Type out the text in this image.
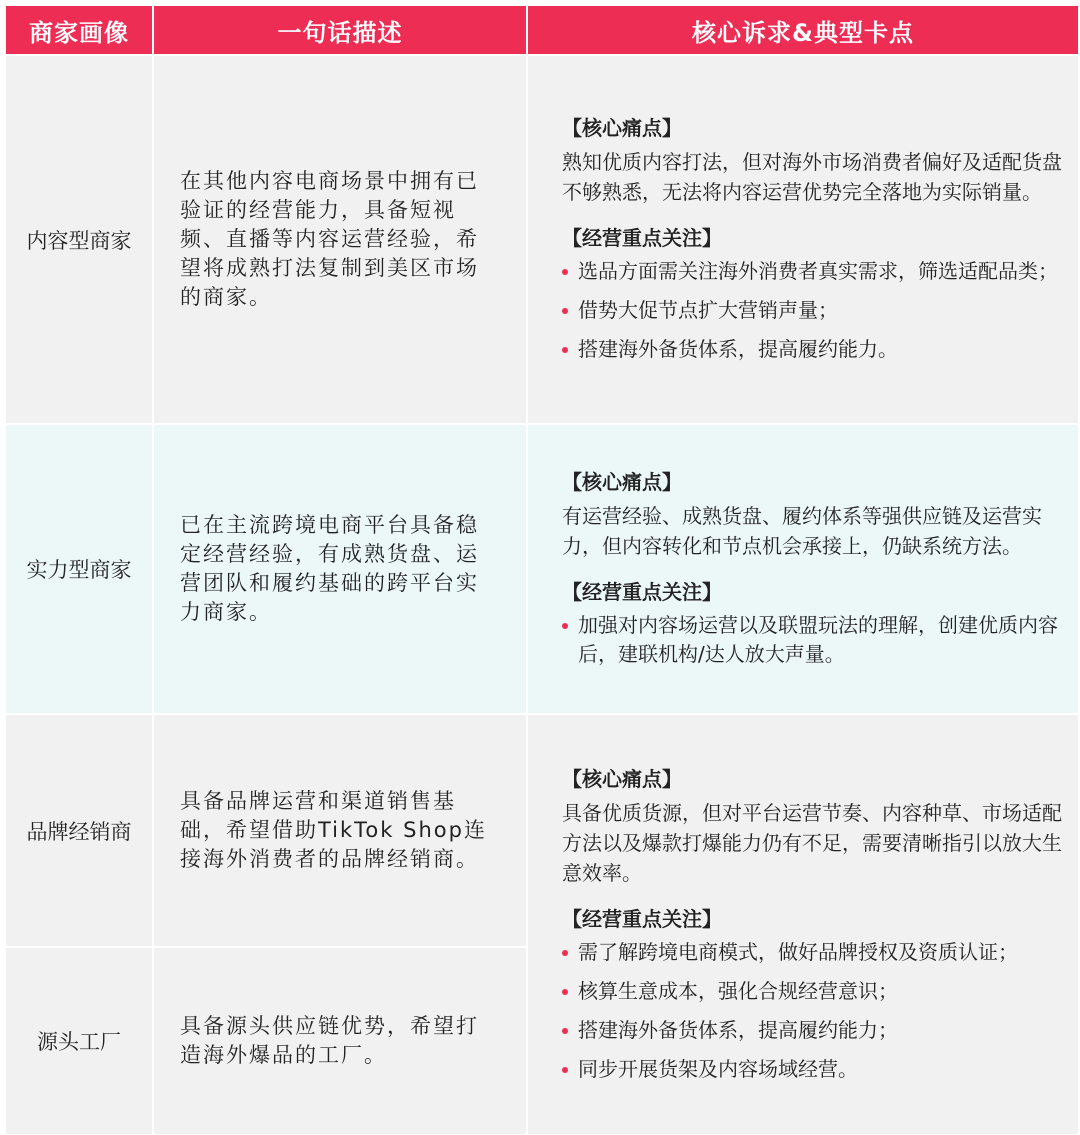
商家画像	一句话描述	核心诉求&典型卡点
内容型商家
在其他内容电商场景中拥有已
验证的经营能力，具备短视
频、直播等内容运营经验，希
望将成熟打法复制到美区市场
的商家。
【核心痛点】
熟知优质内容打法，但对海外市场消费者偏好及适配货盘不够熟悉，无法将内容运营优势完全落地为实际销量。
【经营重点关注】
选品方面需关注海外消费者真实需求，筛选适配品类；
借势大促节点扩大营销声量；
搭建海外备货体系，提高履约能力。
实力型商家
已在主流跨境电商平台具备稳
定经营经验，有成熟货盘、运
营团队和履约基础的跨平台实
力商家。
【核心痛点】
有运营经验、成熟货盘、履约体系等强供应链及运营实力，但内容转化和节点机会承接上，仍缺系统方法。
【经营重点关注】
加强对内容场运营以及联盟玩法的理解，创建优质内容后，建联机构/达人放大声量。
品牌经销商
具备品牌运营和渠道销售基
础，希望借助TikTok Shop连
接海外消费者的品牌经销商。
【核心痛点】
具备优质货源，但对平台运营节奏、内容种草、市场适配方法以及爆款打爆能力仍有不足，需要清晰指引以放大生意效率。
【经营重点关注】
需了解跨境电商模式，做好品牌授权及资质认证；
核算生意成本，强化合规经营意识；
搭建海外备货体系，提高履约能力；
同步开展货架及内容场域经营。
源头工厂
具备源头供应链优势，希望打
造海外爆品的工厂。
